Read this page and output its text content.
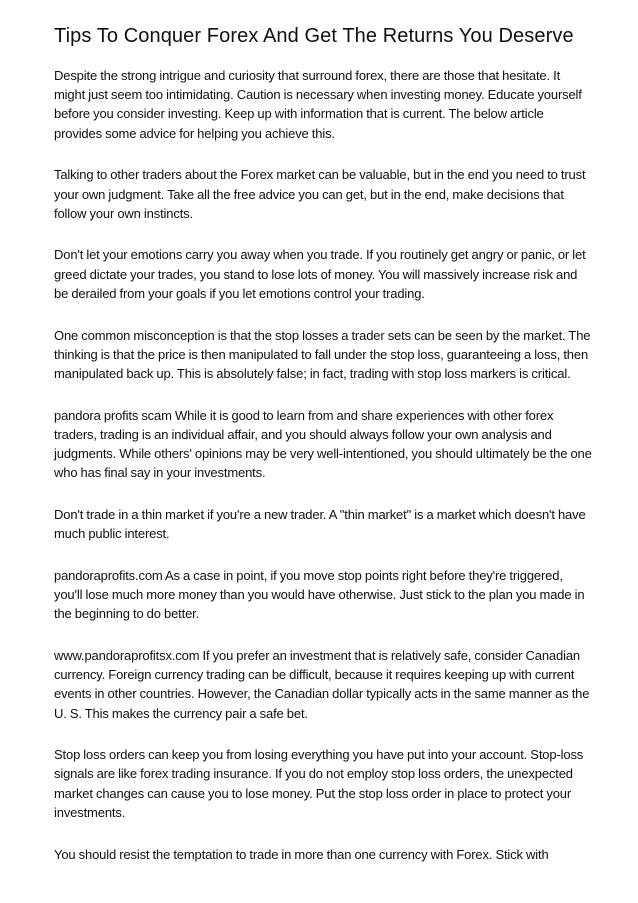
Tips To Conquer Forex And Get The Returns You Deserve

Despite the strong intrigue and curiosity that surround forex, there are those that hesitate. It might just seem too intimidating. Caution is necessary when investing money. Educate yourself before you consider investing. Keep up with information that is current. The below article provides some advice for helping you achieve this.

Talking to other traders about the Forex market can be valuable, but in the end you need to trust your own judgment. Take all the free advice you can get, but in the end, make decisions that follow your own instincts.

Don't let your emotions carry you away when you trade. If you routinely get angry or panic, or let greed dictate your trades, you stand to lose lots of money. You will massively increase risk and be derailed from your goals if you let emotions control your trading.

One common misconception is that the stop losses a trader sets can be seen by the market. The thinking is that the price is then manipulated to fall under the stop loss, guaranteeing a loss, then manipulated back up. This is absolutely false; in fact, trading with stop loss markers is critical.

pandora profits scam While it is good to learn from and share experiences with other forex traders, trading is an individual affair, and you should always follow your own analysis and judgments. While others' opinions may be very well-intentioned, you should ultimately be the one who has final say in your investments.

Don't trade in a thin market if you're a new trader. A "thin market" is a market which doesn't have much public interest.

pandoraprofits.com As a case in point, if you move stop points right before they're triggered, you'll lose much more money than you would have otherwise. Just stick to the plan you made in the beginning to do better.

www.pandoraprofitsx.com If you prefer an investment that is relatively safe, consider Canadian currency. Foreign currency trading can be difficult, because it requires keeping up with current events in other countries. However, the Canadian dollar typically acts in the same manner as the U. S. This makes the currency pair a safe bet.

Stop loss orders can keep you from losing everything you have put into your account. Stop-loss signals are like forex trading insurance. If you do not employ stop loss orders, the unexpected market changes can cause you to lose money. Put the stop loss order in place to protect your investments.

You should resist the temptation to trade in more than one currency with Forex. Stick with
